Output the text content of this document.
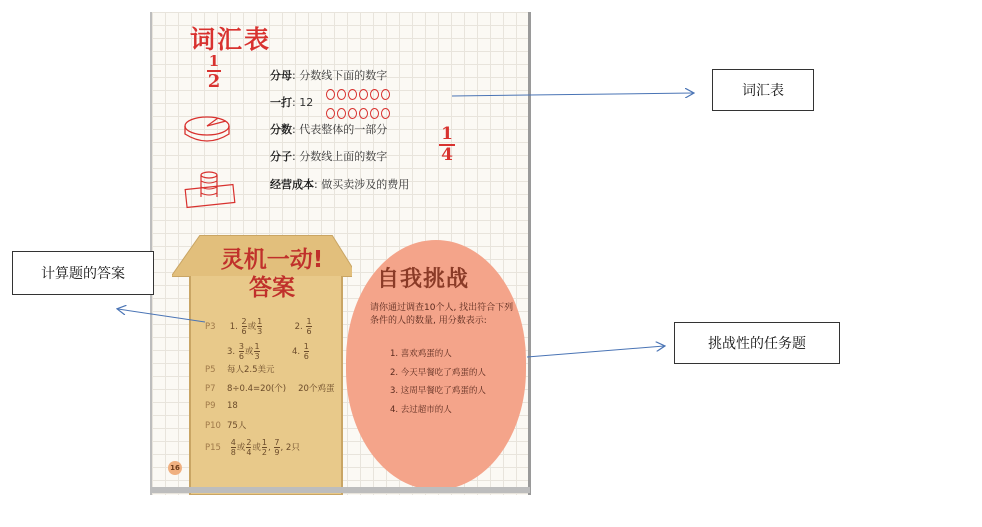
词汇表
1
2
1
4
分母: 分数线下面的数字
一打: 12
分数: 代表整体的一部分
分子: 分数线上面的数字
经营成本: 做买卖涉及的费用
灵机一动!
答案
P3 1. $\frac{2}{6}$ 或 $\frac{1}{3}$	2. $\frac{1}{6}$
3. $\frac{3}{6}$ 或 $\frac{1}{3}$	4. $\frac{1}{6}$
P5 每人2.5美元
P7 8÷0.4=20(个) 20个鸡蛋
P9 18
P10 75人
$P15 \frac{4}{8}$ 或 $\frac{2}{4}$ 或 $\frac{1}{2}$ , $\frac{7}{9}$ , 2只
16
自我挑战
请你通过调查10个人, 找出符合下列条件的人的数量, 用分数表示:
1. 喜欢鸡蛋的人
2. 今天早餐吃了鸡蛋的人
3. 这周早餐吃了鸡蛋的人
4. 去过超市的人
词汇表
计算题的答案
挑战性的任务题
